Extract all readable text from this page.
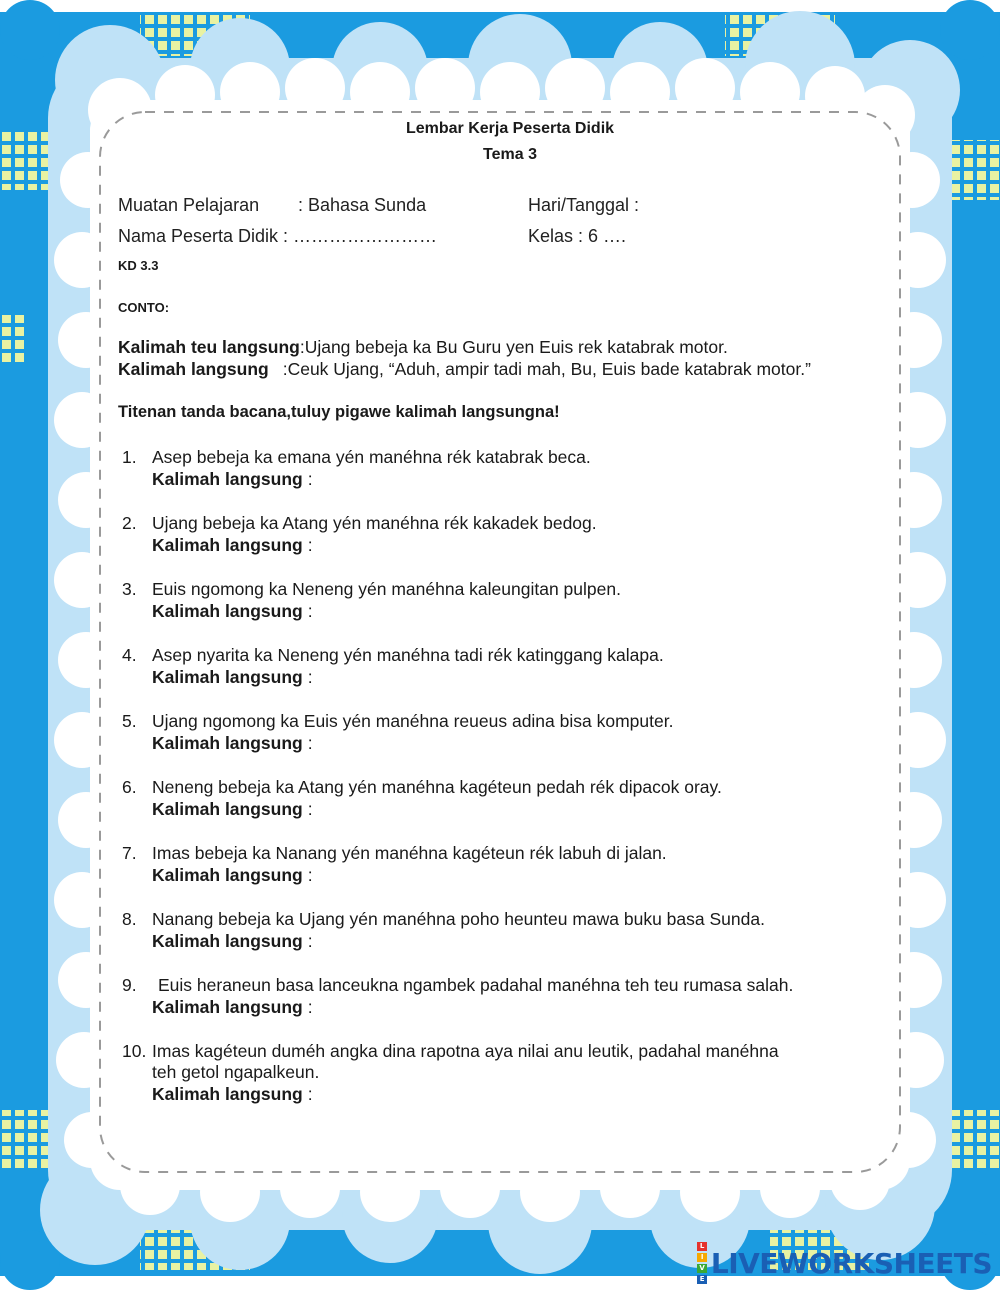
Lembar Kerja Peserta Didik
Tema 3
Muatan Pelajaran : Bahasa Sunda	Hari/Tanggal :
Nama Peserta Didik : ……………………	Kelas : 6 ….
KD 3.3
CONTO:
Kalimah teu langsung:Ujang bebeja ka Bu Guru yen Euis rek katabrak motor.
Kalimah langsung :Ceuk Ujang, “Aduh, ampir tadi mah, Bu, Euis bade katabrak motor.”
Titenan tanda bacana,tuluy pigawe kalimah langsungna!
1. Asep bebeja ka emana yén manéhna rék katabrak beca.
Kalimah langsung :
2. Ujang bebeja ka Atang yén manéhna rék kakadek bedog.
Kalimah langsung :
3. Euis ngomong ka Neneng yén manéhna kaleungitan pulpen.
Kalimah langsung :
4. Asep nyarita ka Neneng yén manéhna tadi rék katinggang kalapa.
Kalimah langsung :
5. Ujang ngomong ka Euis yén manéhna reueus adina bisa komputer.
Kalimah langsung :
6. Neneng bebeja ka Atang yén manéhna kagéteun pedah rék dipacok oray.
Kalimah langsung :
7. Imas bebeja ka Nanang yén manéhna kagéteun rék labuh di jalan.
Kalimah langsung :
8. Nanang bebeja ka Ujang yén manéhna poho heunteu mawa buku basa Sunda.
Kalimah langsung :
9. Euis heraneun basa lanceukna ngambek padahal manéhna teh teu rumasa salah.
Kalimah langsung :
10. Imas kagéteun duméh angka dina rapotna aya nilai anu leutik, padahal manéhna
teh getol ngapalkeun.
Kalimah langsung :
L
I
V
E LIVEWORKSHEETS
